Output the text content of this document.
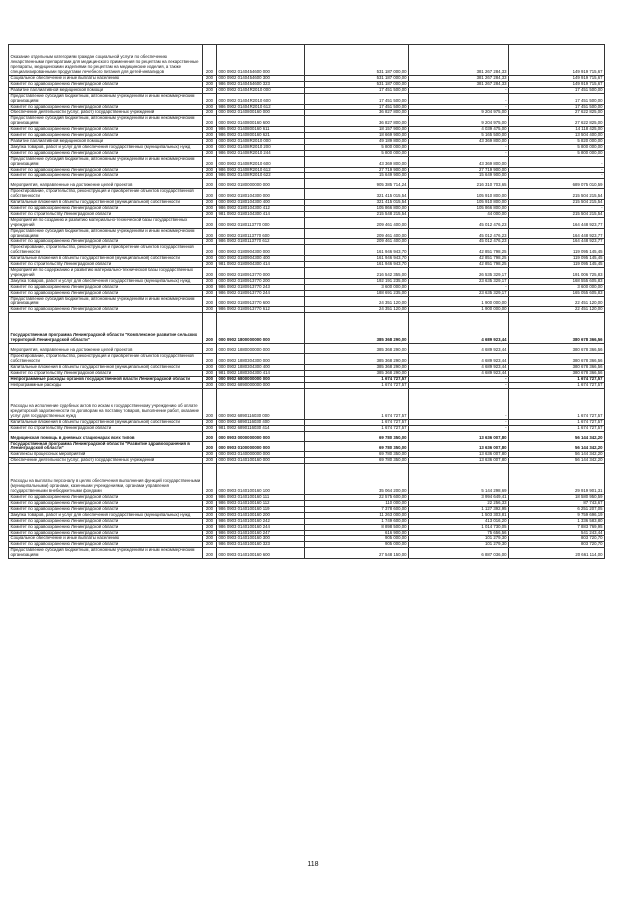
Оказание отдельным категориям граждан социальной услуги по обеспечению лекарственными препаратами для медицинского применения по рецептам на лекарственные препараты, медицинскими изделиями по рецептам на медицинские изделия, а также специализированными продуктами лечебного питания для детей-инвалидов	200	000 0902 0140454600 000	531 187 000,00	381 267 284,33	149 919 715,67
Социальное обеспечение и иные выплаты населению	200	000 0902 0140454600 300	531 187 000,00	381 267 284,33	149 919 715,67
Комитет по здравоохранению Ленинградской области	200	986 0902 0140454600 323	531 187 000,00	381 267 284,33	149 919 715,67
Развитие паллиативной медицинской помощи	200	000 0902 01404R2010 000	17 451 500,00	-	17 451 500,00
Предоставление субсидий бюджетным, автономным учреждениям и иным некоммерческим организациям	200	000 0902 01404R2010 600	17 451 500,00	-	17 451 500,00
Комитет по здравоохранению Ленинградской области	200	986 0902 01404R2010 612	17 451 500,00	-	17 451 500,00
Обеспечение деятельности (услуг, работ) государственных учреждений	200	000 0902 0140800160 000	36 827 800,00	9 204 975,00	27 622 825,00
Предоставление субсидий бюджетным, автономным учреждениям и иным некоммерческим организациям	200	000 0902 0140800160 600	36 827 800,00	9 204 975,00	27 622 825,00
Комитет по здравоохранению Ленинградской области	200	986 0902 0140800160 611	18 157 900,00	4 039 475,00	14 118 425,00
Комитет по здравоохранению Ленинградской области	200	986 0902 0140800160 621	18 669 900,00	5 165 500,00	13 504 400,00
Развитие паллиативной медицинской помощи	200	000 0902 01408R2010 000	49 189 800,00	43 369 800,00	5 820 000,00
Закупка товаров, работ и услуг для обеспечения государственных (муниципальных) нужд	200	000 0902 01408R2010 200	5 800 000,00	-	5 800 000,00
Комитет по здравоохранению Ленинградской области	200	986 0902 01408R2010 244	5 800 000,00	-	5 800 000,00
Предоставление субсидий бюджетным, автономным учреждениям и иным некоммерческим организациям	200	000 0902 01408R2010 600	43 369 800,00	43 369 800,00	-
Комитет по здравоохранению Ленинградской области	200	986 0902 01408R2010 612	27 719 900,00	27 719 900,00	-
Комитет по здравоохранению Ленинградской области	200	986 0902 01408R2010 622	15 649 900,00	15 649 900,00	-
Мероприятия, направленные на достижение целей проектов	200	000 0902 0180000000 000	905 385 714,24	216 310 703,65	689 075 010,59
Проектирование, строительство, реконструкция и приобретение объектов государственной собственности	200	000 0902 0180104300 000	321 415 015,54	105 910 800,00	215 504 215,54
Капитальные вложения в объекты государственной (муниципальной) собственности	200	000 0902 0180104300 400	321 415 015,54	105 910 800,00	215 504 215,54
Комитет по здравоохранению Ленинградской области	200	986 0902 0180104300 412	105 866 800,00	105 866 800,00	-
Комитет по строительству Ленинградской области	200	981 0902 0180104300 414	215 548 215,54	44 000,00	215 504 215,54
Мероприятия по созданию и развитию материально-технической базы государственных учреждений	200	000 0902 0180113770 000	209 461 400,00	45 012 476,23	164 448 923,77
Предоставление субсидий бюджетным, автономным учреждениям и иным некоммерческим организациям	200	000 0902 0180113770 600	209 461 400,00	45 012 476,23	164 448 923,77
Комитет по здравоохранению Ленинградской области	200	986 0902 0180113770 612	209 461 400,00	45 012 476,23	164 448 923,77
Проектирование, строительство, реконструкция и приобретение объектов государственной собственности	200	000 0902 0180904300 000	161 946 943,70	42 851 798,25	119 095 145,45
Капитальные вложения в объекты государственной (муниципальной) собственности	200	000 0902 0180904300 400	161 946 943,70	42 851 798,25	119 095 145,45
Комитет по строительству Ленинградской области	200	981 0902 0180904300 414	161 946 943,70	42 851 798,25	119 095 145,45
Мероприятия по содержанию и развитию материально-технической базы государственных учреждений	200	000 0902 0180913770 000	216 542 355,00	26 535 329,17	191 006 725,83
Закупка товаров, работ и услуг для обеспечения государственных (муниципальных) нужд	200	000 0902 0180913770 200	192 191 235,00	23 635 329,17	168 555 605,83
Комитет по здравоохранению Ленинградской области	200	986 0902 0180913770 243	3 600 000,00	-	3 600 000,00
Комитет по здравоохранению Ленинградской области	200	986 0902 0180913770 244	188 691 235,00	23 635 329,17	165 055 605,83
Предоставление субсидий бюджетным, автономным учреждениям и иным некоммерческим организациям	200	000 0902 0180913770 600	24 351 120,00	1 900 000,00	22 451 120,00
Комитет по здравоохранению Ленинградской области	200	986 0902 0180913770 612	24 351 120,00	1 900 000,00	22 451 120,00
Государственная программа Ленинградской области "Комплексное развитие сельских территорий Ленинградской области"	200	000 0902 1800000000 000	385 368 290,00	4 689 923,44	380 678 366,56
Мероприятия, направленные на достижение целей проектов	200	000 0902 1880000000 000	385 368 290,00	4 689 923,44	380 678 366,56
Проектирование, строительство, реконструкция и приобретение объектов государственной собственности	200	000 0902 1880304300 000	385 368 290,00	4 689 923,44	380 678 366,56
Капитальные вложения в объекты государственной (муниципальной) собственности	200	000 0902 1880304300 400	385 368 290,00	4 689 923,44	380 678 366,56
Комитет по строительству Ленинградской области	200	981 0902 1880304300 414	385 368 290,00	4 689 923,44	380 678 366,56
Непрограммные расходы органов государственной власти Ленинградской области	200	000 0902 6800000000 000	1 674 727,57	-	1 674 727,57
Непрограммные расходы	200	000 0902 6890000000 000	1 674 727,57	-	1 674 727,57
Расходы на исполнение судебных актов по искам к государственному учреждению об оплате кредиторской задолженности по договорам на поставку товаров, выполнение работ, оказание услуг для государственных нужд	200	000 0902 6890116030 000	1 674 727,57	-	1 674 727,57
Капитальные вложения в объекты государственной (муниципальной) собственности	200	000 0902 6890116030 400	1 674 727,57	-	1 674 727,57
Комитет по строительству Ленинградской области	200	981 0902 6890116030 414	1 674 727,57	-	1 674 727,57
Медицинская помощь в дневных стационарах всех типов	200	000 0903 0000000000 000	69 780 350,00	13 636 007,80	56 144 342,20
Государственная программа Ленинградской области "Развитие здравоохранения в Ленинградской области"	200	000 0903 0100000000 000	69 780 350,00	13 636 007,80	56 144 342,20
Комплексы процессных мероприятий	200	000 0903 0140000000 000	69 780 350,00	13 636 007,80	56 144 342,20
Обеспечение деятельности (услуг, работ) государственных учреждений	200	000 0903 0140100160 000	69 780 350,00	13 636 007,80	56 144 342,20
Расходы на выплаты персоналу в целях обеспечения выполнения функций государственными (муниципальными) органами, казенными учреждениями, органами управления государственными внебюджетными фондами	200	000 0903 0140100160 100	35 064 200,00	5 144 298,69	29 919 901,31
Комитет по здравоохранению Ленинградской области	200	986 0903 0140100160 111	22 575 600,00	3 994 649,41	18 580 950,59
Комитет по здравоохранению Ленинградской области	200	986 0903 0140100160 112	110 000,00	22 256,33	87 743,67
Комитет по здравоохранению Ленинградской области	200	986 0903 0140100160 119	7 378 600,00	1 127 392,95	6 251 207,05
Закупка товаров, работ и услуг для обеспечения государственных (муниципальных) нужд	200	000 0903 0140100160 200	11 263 000,00	1 503 303,81	9 759 696,19
Комитет по здравоохранению Ленинградской области	200	986 0903 0140100160 242	1 749 600,00	413 016,20	1 336 583,80
Комитет по здравоохранению Ленинградской области	200	986 0903 0140100160 244	8 898 500,00	1 014 730,05	7 883 769,95
Комитет по здравоохранению Ленинградской области	200	986 0903 0140100160 247	616 900,00	75 656,56	541 243,44
Социальное обеспечение и иные выплаты населению	200	000 0903 0140100160 300	905 000,00	101 279,30	803 720,70
Комитет по здравоохранению Ленинградской области	200	986 0903 0140100160 323	905 000,00	101 279,30	803 720,70
Предоставление субсидий бюджетным, автономным учреждениям и иным некоммерческим организациям	200	000 0903 0140100160 600	27 548 150,00	6 887 036,00	20 661 114,00
118
